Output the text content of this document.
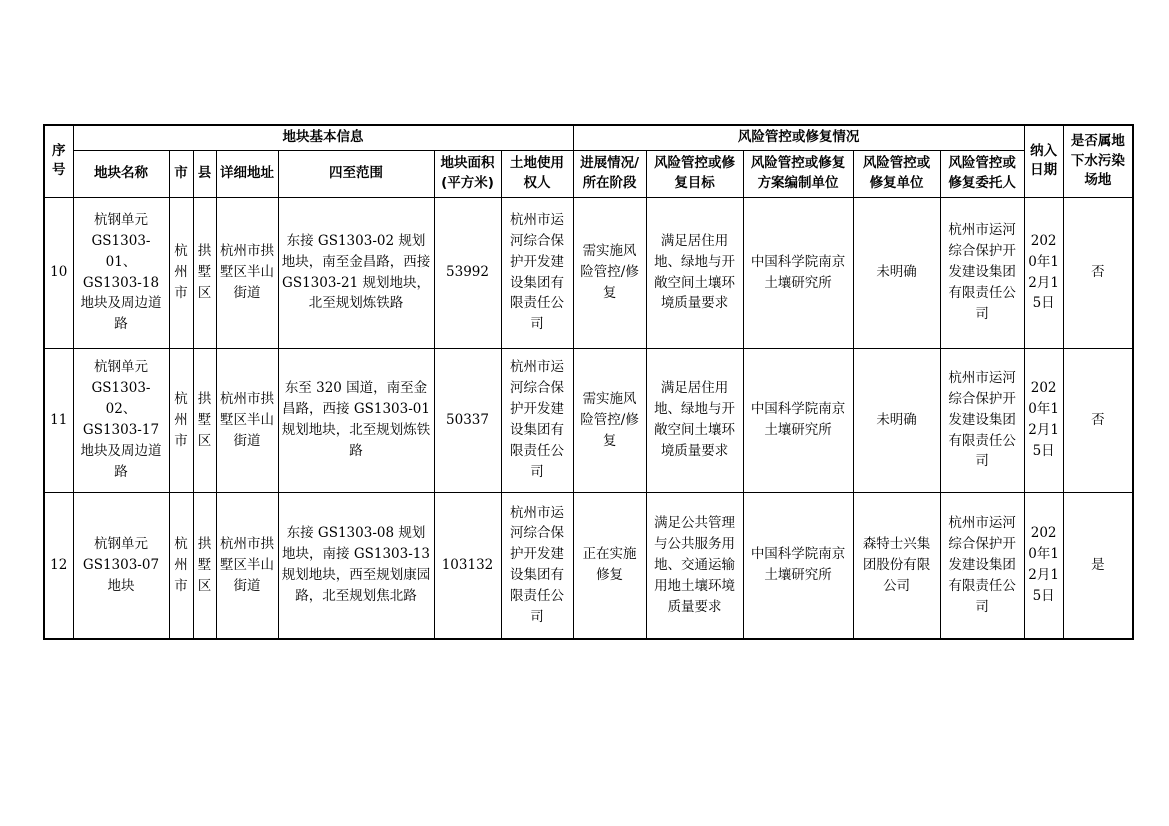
序号	地块基本信息							风险管控或修复情况					纳入日期	是否属地下水污染场地
	地块名称	市	县	详细地址	四至范围	地块面积(平方米)	土地使用权人	进展情况/所在阶段	风险管控或修复目标	风险管控或修复方案编制单位	风险管控或修复单位	风险管控或修复委托人		
10	杭钢单元GS1303-01、GS1303-18地块及周边道路	杭州市	拱墅区	杭州市拱墅区半山街道	东接 GS1303-02 规划地块，南至金昌路，西接 GS1303-21 规划地块，北至规划炼铁路	53992	杭州市运河综合保护开发建设集团有限责任公司	需实施风险管控/修复	满足居住用地、绿地与开敞空间土壤环境质量要求	中国科学院南京土壤研究所	未明确	杭州市运河综合保护开发建设集团有限责任公司	2020年12月15日	否
11	杭钢单元GS1303-02、GS1303-17地块及周边道路	杭州市	拱墅区	杭州市拱墅区半山街道	东至 320 国道，南至金昌路，西接 GS1303-01 规划地块，北至规划炼铁路	50337	杭州市运河综合保护开发建设集团有限责任公司	需实施风险管控/修复	满足居住用地、绿地与开敞空间土壤环境质量要求	中国科学院南京土壤研究所	未明确	杭州市运河综合保护开发建设集团有限责任公司	2020年12月15日	否
12	杭钢单元GS1303-07地块	杭州市	拱墅区	杭州市拱墅区半山街道	东接 GS1303-08 规划地块，南接 GS1303-13 规划地块，西至规划康园路，北至规划焦北路	103132	杭州市运河综合保护开发建设集团有限责任公司	正在实施修复	满足公共管理与公共服务用地、交通运输用地土壤环境质量要求	中国科学院南京土壤研究所	森特士兴集团股份有限公司	杭州市运河综合保护开发建设集团有限责任公司	2020年12月15日	是
